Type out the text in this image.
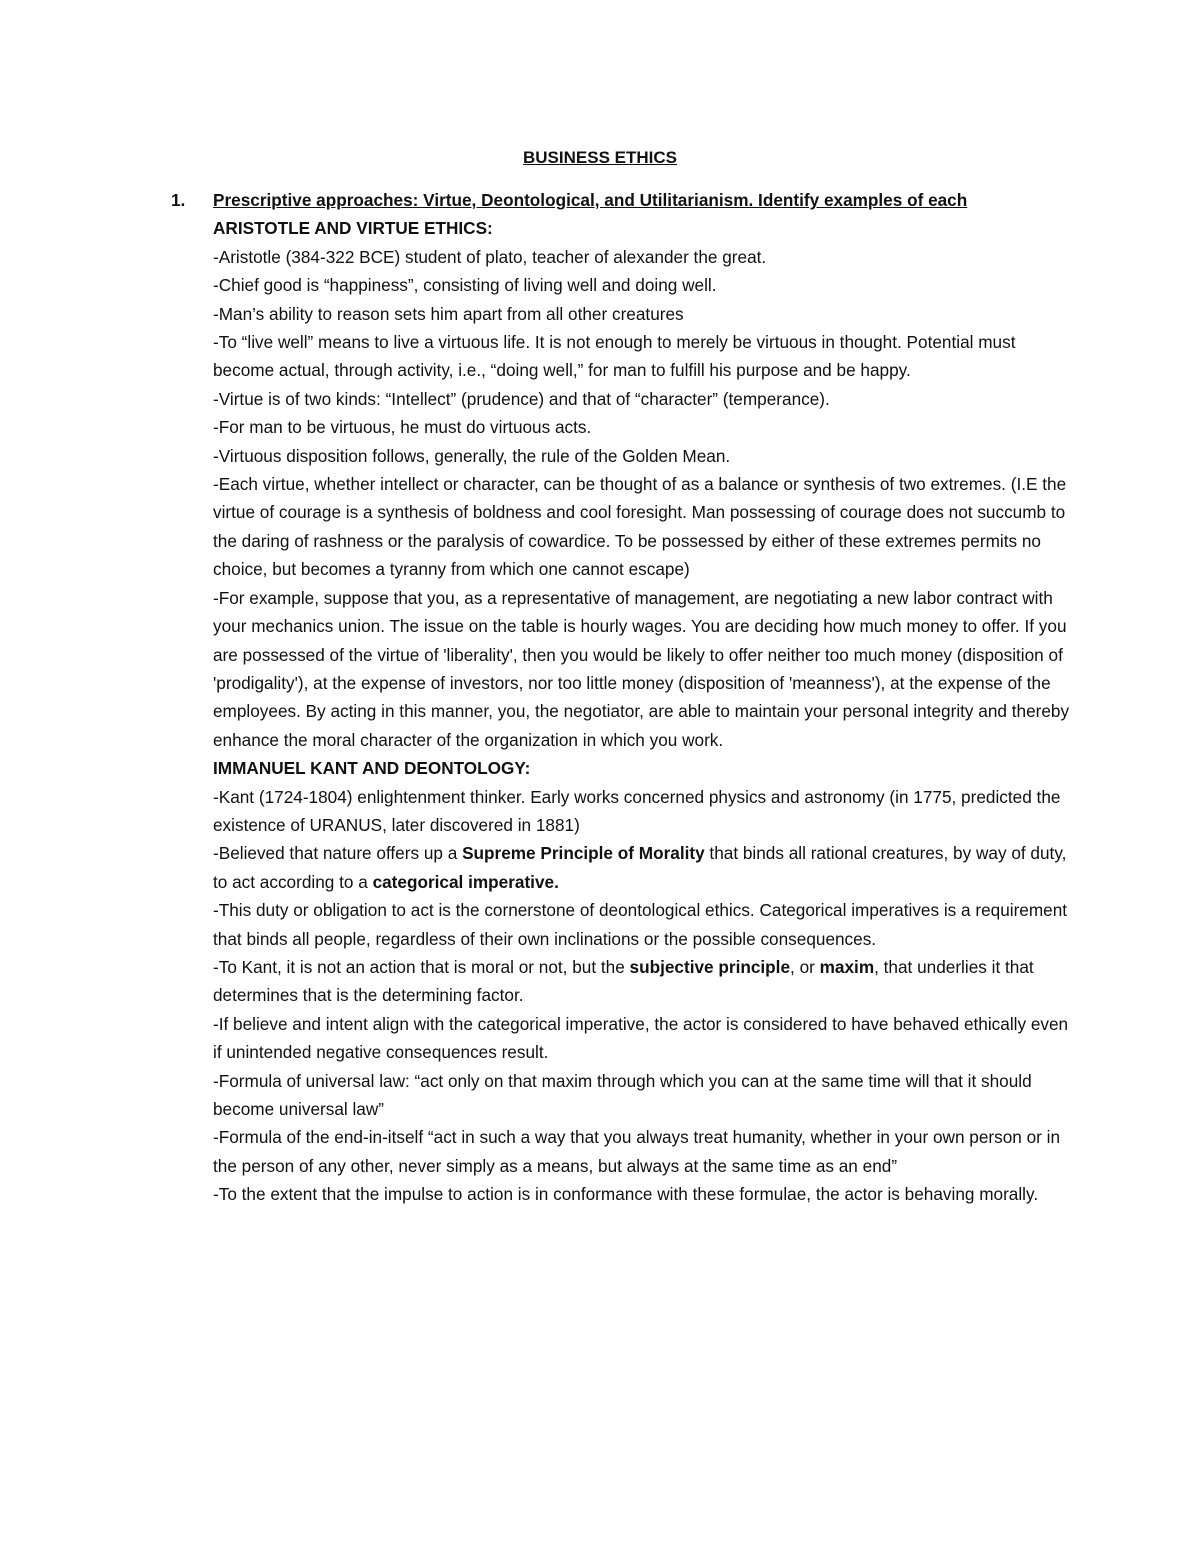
BUSINESS ETHICS

1. Prescriptive approaches: Virtue, Deontological, and Utilitarianism. Identify examples of each

ARISTOTLE AND VIRTUE ETHICS:

-Aristotle (384-322 BCE) student of plato, teacher of alexander the great.

-Chief good is “happiness”, consisting of living well and doing well.

-Man’s ability to reason sets him apart from all other creatures

-To “live well” means to live a virtuous life. It is not enough to merely be virtuous in thought. Potential must become actual, through activity, i.e., “doing well,” for man to fulfill his purpose and be happy.

-Virtue is of two kinds: “Intellect” (prudence) and that of “character” (temperance).

-For man to be virtuous, he must do virtuous acts.

-Virtuous disposition follows, generally, the rule of the Golden Mean.

-Each virtue, whether intellect or character, can be thought of as a balance or synthesis of two extremes. (I.E the virtue of courage is a synthesis of boldness and cool foresight. Man possessing of courage does not succumb to the daring of rashness or the paralysis of cowardice. To be possessed by either of these extremes permits no choice, but becomes a tyranny from which one cannot escape)

-For example, suppose that you, as a representative of management, are negotiating a new labor contract with your mechanics union. The issue on the table is hourly wages. You are deciding how much money to offer. If you are possessed of the virtue of 'liberality', then you would be likely to offer neither too much money (disposition of 'prodigality'), at the expense of investors, nor too little money (disposition of 'meanness'), at the expense of the employees. By acting in this manner, you, the negotiator, are able to maintain your personal integrity and thereby enhance the moral character of the organization in which you work.

IMMANUEL KANT AND DEONTOLOGY:

-Kant (1724-1804) enlightenment thinker. Early works concerned physics and astronomy (in 1775, predicted the existence of URANUS, later discovered in 1881)

-Believed that nature offers up a Supreme Principle of Morality that binds all rational creatures, by way of duty, to act according to a categorical imperative.

-This duty or obligation to act is the cornerstone of deontological ethics. Categorical imperatives is a requirement that binds all people, regardless of their own inclinations or the possible consequences.

-To Kant, it is not an action that is moral or not, but the subjective principle, or maxim, that underlies it that determines that is the determining factor.

-If believe and intent align with the categorical imperative, the actor is considered to have behaved ethically even if unintended negative consequences result.

-Formula of universal law: “act only on that maxim through which you can at the same time will that it should become universal law”

-Formula of the end-in-itself “act in such a way that you always treat humanity, whether in your own person or in the person of any other, never simply as a means, but always at the same time as an end”

-To the extent that the impulse to action is in conformance with these formulae, the actor is behaving morally.
